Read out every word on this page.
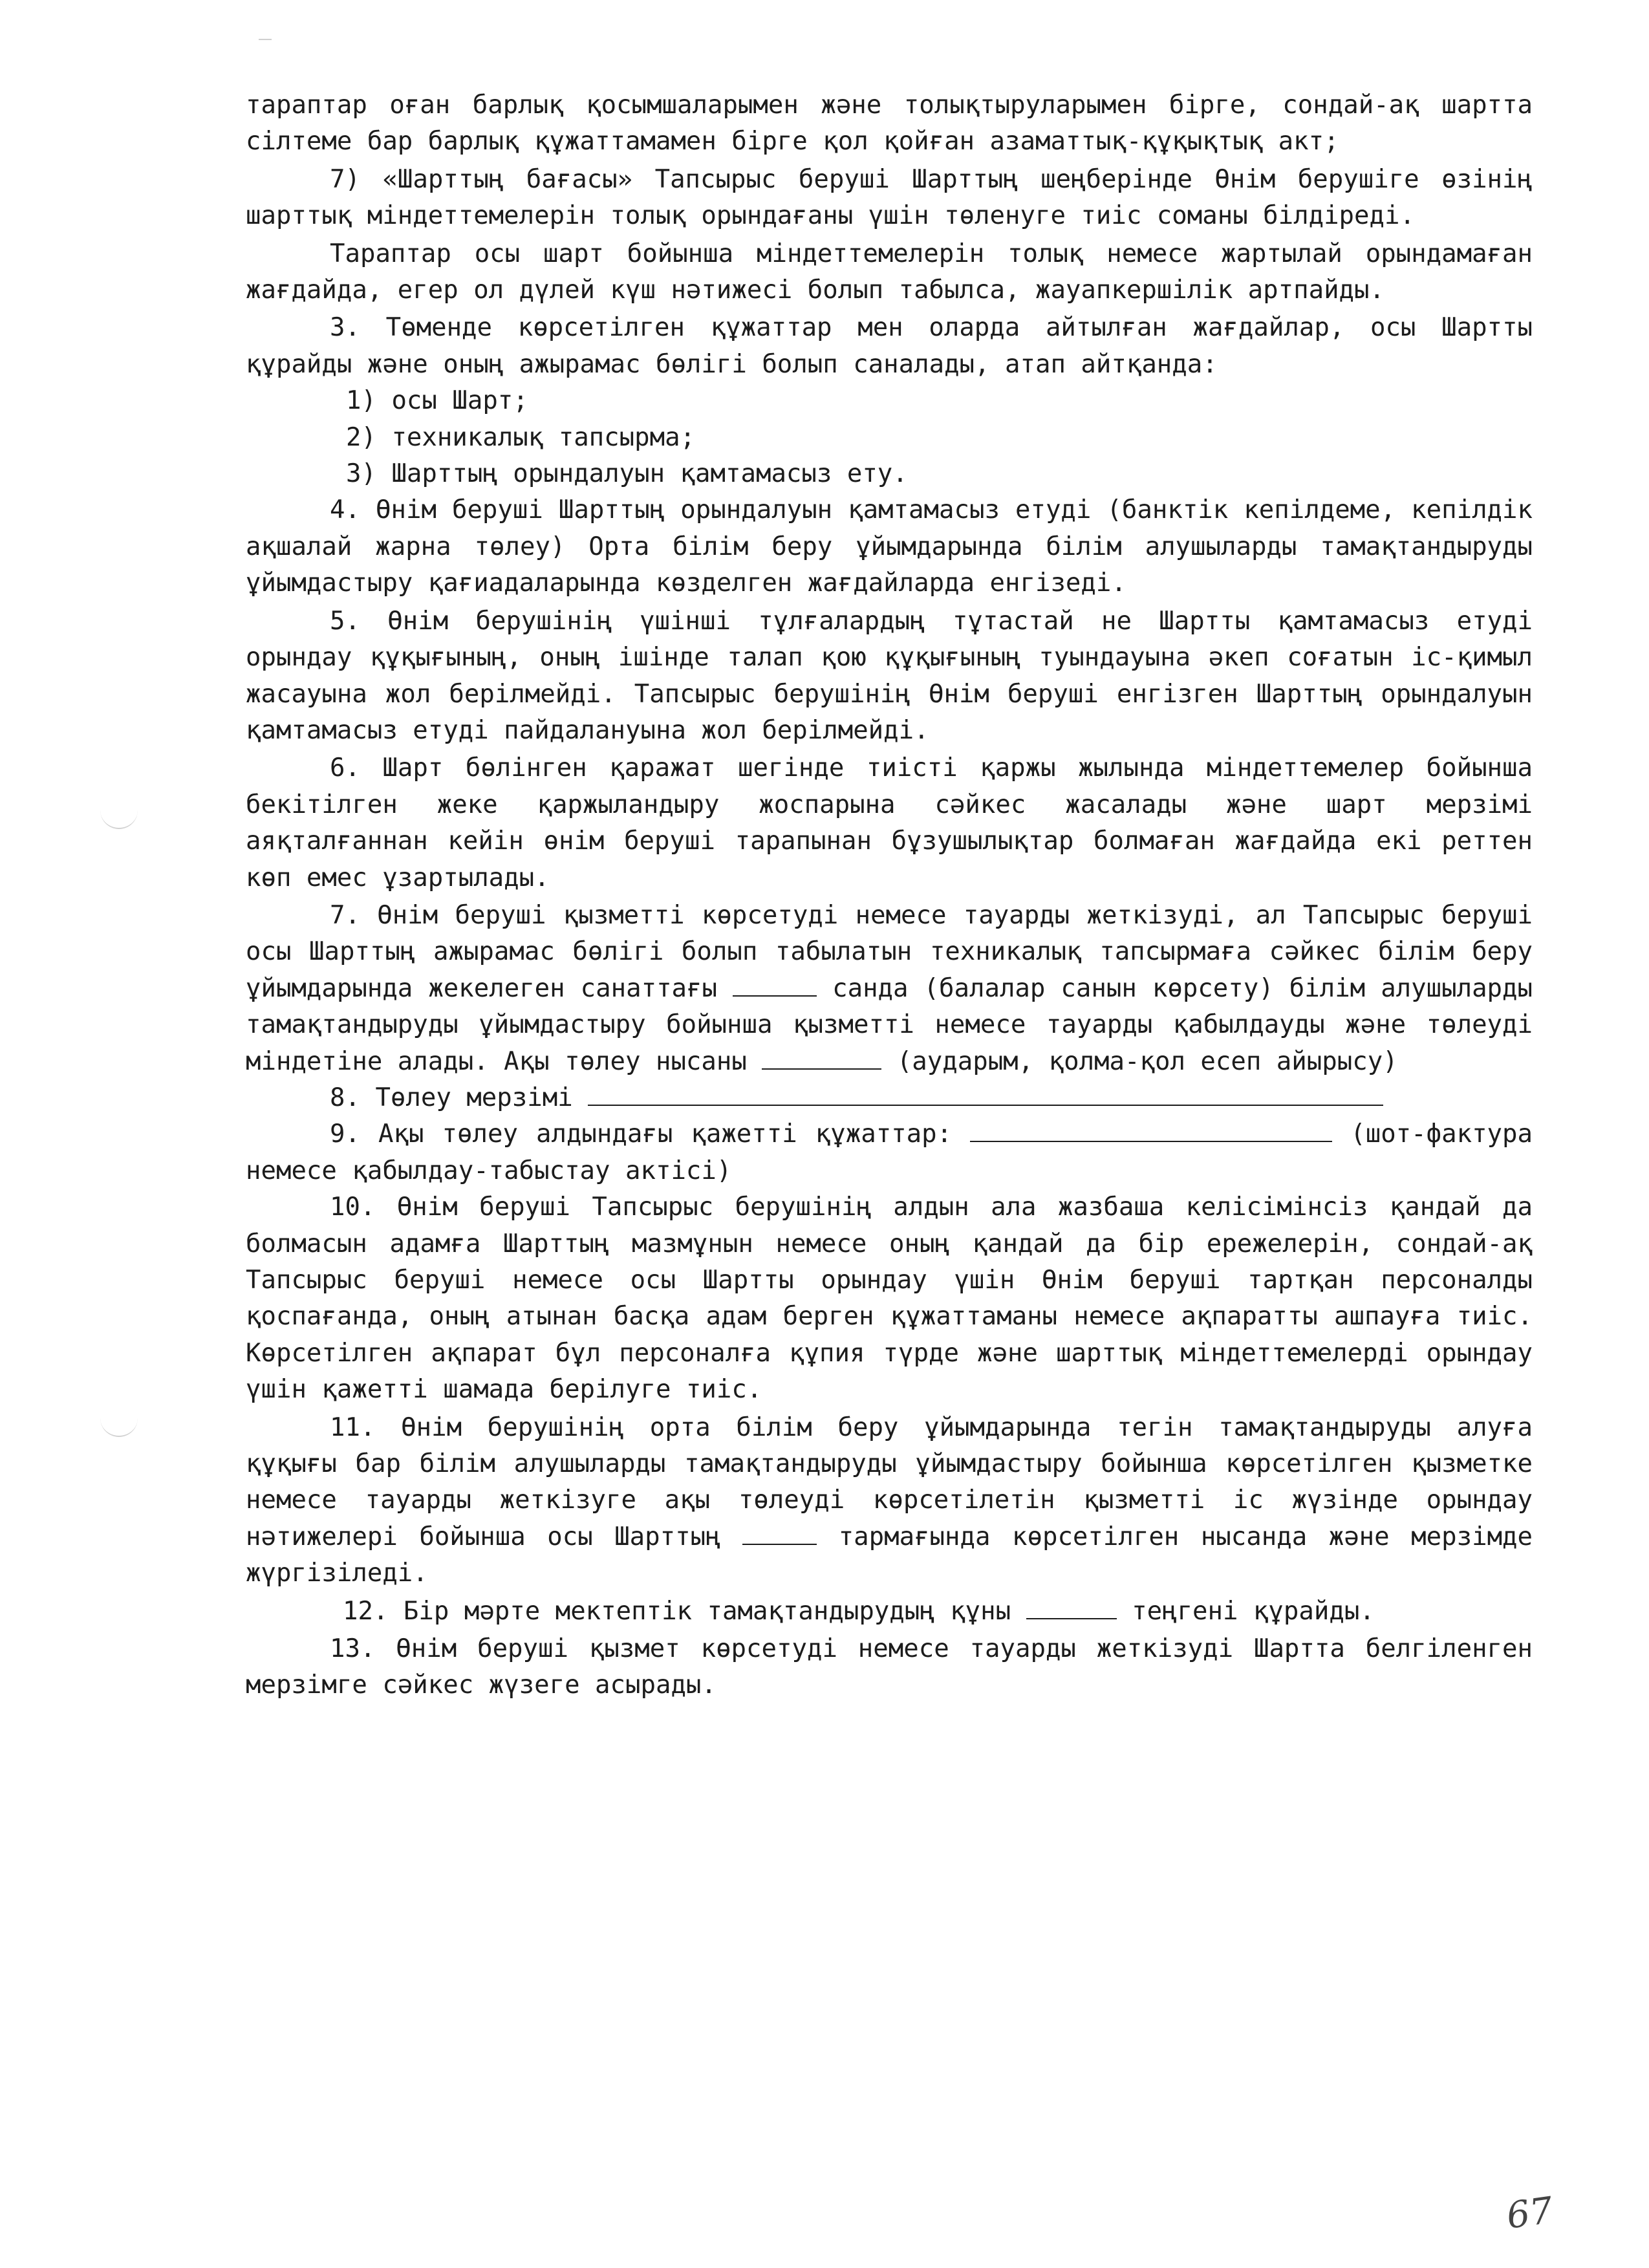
тараптар оған барлық қосымшаларымен және толықтыруларымен бірге, сондай-ақ шартта сілтеме бар барлық құжаттамамен бірге қол қойған азаматтық-құқықтық акт;

7) «Шарттың бағасы» Тапсырыс беруші Шарттың шеңберінде Өнім берушіге өзінің шарттық міндеттемелерін толық орындағаны үшін төленуге тиіс соманы білдіреді.

Тараптар осы шарт бойынша міндеттемелерін толық немесе жартылай орындамаған жағдайда, егер ол дүлей күш нәтижесі болып табылса, жауапкершілік артпайды.

3. Төменде көрсетілген құжаттар мен оларда айтылған жағдайлар, осы Шартты құрайды және оның ажырамас бөлігі болып саналады, атап айтқанда:

1) осы Шарт;

2) техникалық тапсырма;

3) Шарттың орындалуын қамтамасыз ету.

4. Өнім беруші Шарттың орындалуын қамтамасыз етуді (банктік кепілдеме, кепілдік ақшалай жарна төлеу) Орта білім беру ұйымдарында білім алушыларды тамақтандыруды ұйымдастыру қағиадаларында көзделген жағдайларда енгізеді.

5. Өнім берушінің үшінші тұлғалардың тұтастай не Шартты қамтамасыз етуді орындау құқығының, оның ішінде талап қою құқығының туындауына әкеп соғатын іс-қимыл жасауына жол берілмейді. Тапсырыс берушінің Өнім беруші енгізген Шарттың орындалуын қамтамасыз етуді пайдалануына жол берілмейді.

6. Шарт бөлінген қаражат шегінде тиісті қаржы жылында міндеттемелер бойынша бекітілген жеке қаржыландыру жоспарына сәйкес жасалады және шарт мерзімі аяқталғаннан кейін өнім беруші тарапынан бұзушылықтар болмаған жағдайда екі реттен көп емес ұзартылады.

7. Өнім беруші қызметті көрсетуді немесе тауарды жеткізуді, ал Тапсырыс беруші осы Шарттың ажырамас бөлігі болып табылатын техникалық тапсырмаға сәйкес білім беру ұйымдарында жекелеген санаттағы	санда (балалар санын көрсету) білім алушыларды тамақтандыруды ұйымдастыру бойынша қызметті немесе тауарды қабылдауды және төлеуді міндетіне алады. Ақы төлеу нысаны	(аударым, қолма-қол есеп айырысу)

8. Төлеу мерзімі

9. Ақы төлеу алдындағы қажетті құжаттар:	(шот-фактура немесе қабылдау-табыстау актісі)

10. Өнім беруші Тапсырыс берушінің алдын ала жазбаша келісімінсіз қандай да болмасын адамға Шарттың мазмұнын немесе оның қандай да бір ережелерін, сондай-ақ Тапсырыс беруші немесе осы Шартты орындау үшін Өнім беруші тартқан персоналды қоспағанда, оның атынан басқа адам берген құжаттаманы немесе ақпаратты ашпауға тиіс. Көрсетілген ақпарат бұл персоналға құпия түрде және шарттық міндеттемелерді орындау үшін қажетті шамада берілуге тиіс.

11. Өнім берушінің орта білім беру ұйымдарында тегін тамақтандыруды алуға құқығы бар білім алушыларды тамақтандыруды ұйымдастыру бойынша көрсетілген қызметке немесе тауарды жеткізуге ақы төлеуді көрсетілетін қызметті іс жүзінде орындау нәтижелері бойынша осы Шарттың	тармағында көрсетілген нысанда және мерзімде жүргізіледі.

12. Бір мәрте мектептік тамақтандырудың құны	теңгені құрайды.

13. Өнім беруші қызмет көрсетуді немесе тауарды жеткізуді Шартта белгіленген мерзімге сәйкес жүзеге асырады.

67
